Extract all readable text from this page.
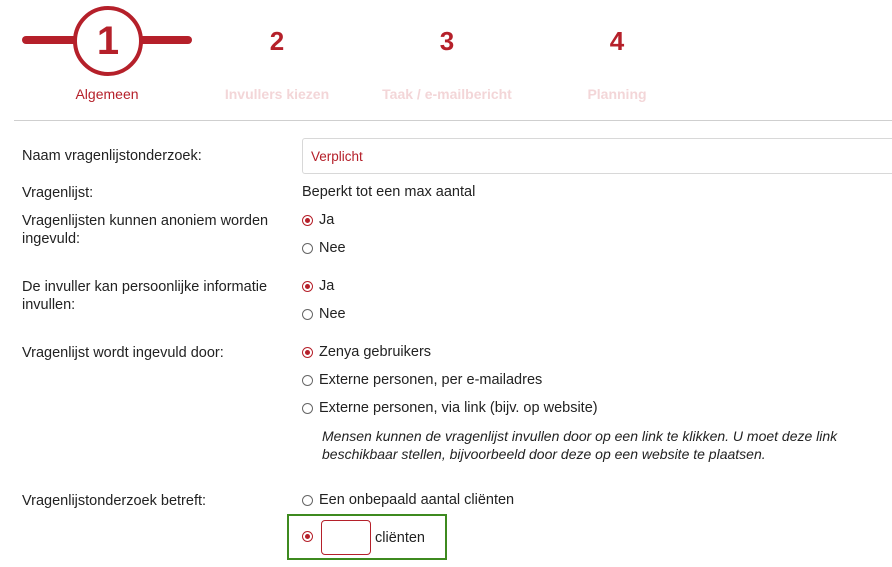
1	2	3	4
Algemeen	Invullers kiezen	Taak / e-mailbericht	Planning
Naam vragenlijstonderzoek:
Verplicht
Vragenlijst:	Beperkt tot een max aantal
Vragenlijsten kunnen anoniem worden ingevuld:
Ja
Nee
De invuller kan persoonlijke informatie invullen:
Ja
Nee
Vragenlijst wordt ingevuld door:	Zenya gebruikers
Externe personen, per e-mailadres
Externe personen, via link (bijv. op website)
Mensen kunnen de vragenlijst invullen door op een link te klikken. U moet deze link beschikbaar stellen, bijvoorbeeld door deze op een website te plaatsen.
Vragenlijstonderzoek betreft:	Een onbepaald aantal cliënten
cliënten
